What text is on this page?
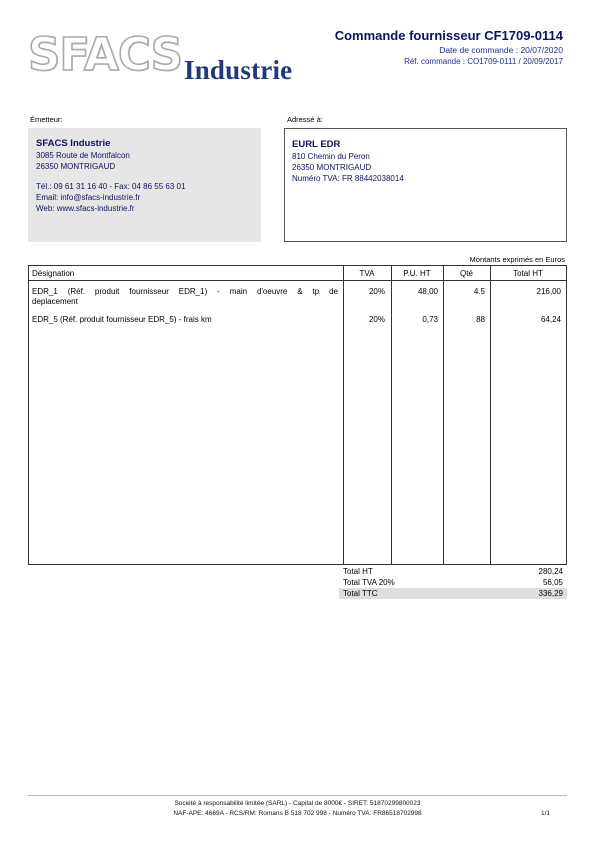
SFACS Industrie
Commande fournisseur CF1709-0114
Date de commande : 20/07/2020
Réf. commande : CO1709-0111 / 20/09/2017
Émetteur:	Adressé à:
SFACS Industrie
3085 Route de Montfalcon
26350 MONTRIGAUD
Tél.: 09 61 31 16 40 - Fax: 04 86 55 63 01
Email: info@sfacs-industrie.fr
Web: www.sfacs-industrie.fr
EURL EDR
810 Chemin du Peron
26350 MONTRIGAUD
Numéro TVA: FR 88442038014
Montants exprimés en Euros
Désignation	TVA	P.U. HT	Qté	Total HT
EDR_1 (Réf. produit fournisseur EDR_1) - main d'oeuvre & tp de
deplacement
20%	48,00	4.5	216,00
EDR_5 (Réf. produit fournisseur EDR_5) - frais km	20%	0,73	88	64,24
Total HT	280,24
Total TVA 20%	56,05
Total TTC	336,29
Société à responsabilité limitée (SARL) - Capital de 8000€ - SIRET: 51870299800023
NAF-APE: 4669A - RCS/RM: Romans B 518 702 998 - Numéro TVA: FR86518702998	1/1
